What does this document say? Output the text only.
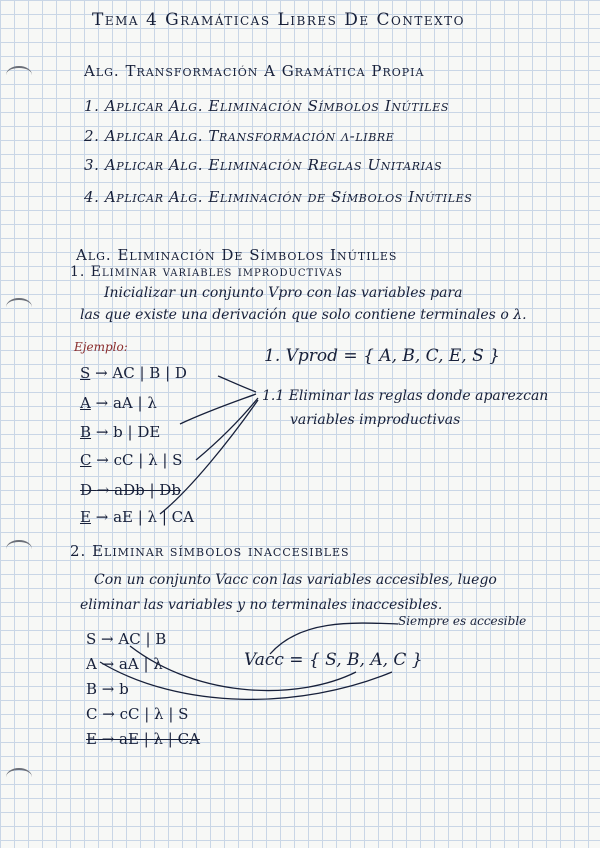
Tema 4 Gramáticas Libres De Contexto
Alg. Transformación A Gramática Propia
1. Aplicar Alg. Eliminación Símbolos Inútiles
2. Aplicar Alg. Transformación λ-libre
3. Aplicar Alg. Eliminación Reglas Unitarias
4. Aplicar Alg. Eliminación de Símbolos Inútiles
Alg. Eliminación De Símbolos Inútiles
1. Eliminar variables improductivas
Inicializar un conjunto Vpro con las variables para
las que existe una derivación que solo contiene terminales o λ.
Ejemplo:
S → AC | B | D
A → aA | λ
B → b | DE
C → cC | λ | S
D → aDb | Db
E → aE | λ | CA
1. Vprod = { A, B, C, E, S }
1.1 Eliminar las reglas donde aparezcan
variables improductivas
2. Eliminar símbolos inaccesibles
Con un conjunto Vacc con las variables accesibles, luego
eliminar las variables y no terminales inaccesibles.
S → AC | B
A → aA | λ
B → b
C → cC | λ | S
E → aE | λ | CA
Vacc = { S, B, A, C }
Siempre es accesible
